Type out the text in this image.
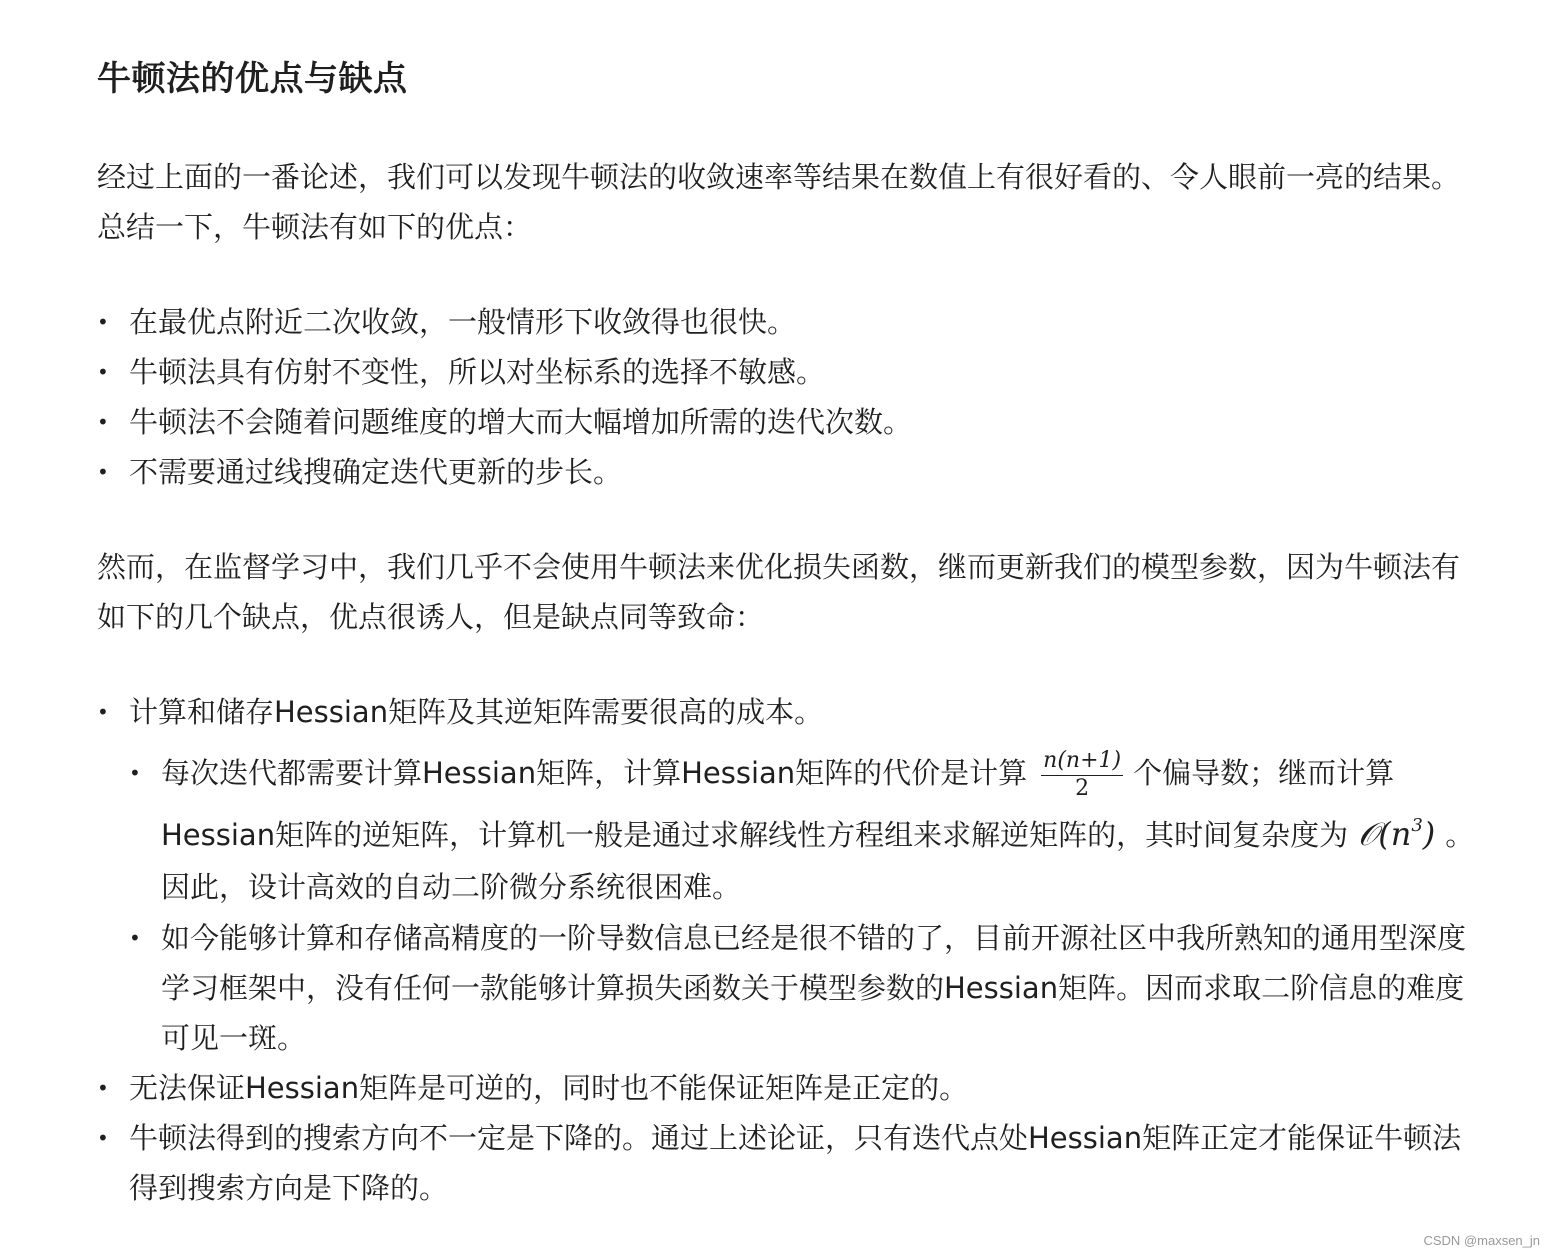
牛顿法的优点与缺点

经过上面的一番论述，我们可以发现牛顿法的收敛速率等结果在数值上有很好看的、令人眼前一亮的结果。总结一下，牛顿法有如下的优点：

• 在最优点附近二次收敛，一般情形下收敛得也很快。
• 牛顿法具有仿射不变性，所以对坐标系的选择不敏感。
• 牛顿法不会随着问题维度的增大而大幅增加所需的迭代次数。
• 不需要通过线搜确定迭代更新的步长。

然而，在监督学习中，我们几乎不会使用牛顿法来优化损失函数，继而更新我们的模型参数，因为牛顿法有如下的几个缺点，优点很诱人，但是缺点同等致命：

• 计算和储存Hessian矩阵及其逆矩阵需要很高的成本。
• 每次迭代都需要计算Hessian矩阵，计算Hessian矩阵的代价是计算 $\frac{n(n+1)}{2}$ 个偏导数；继而计算Hessian矩阵的逆矩阵，计算机一般是通过求解线性方程组来求解逆矩阵的，其时间复杂度为 $𝒪(n^3)$ 。因此，设计高效的自动二阶微分系统很困难。
• 如今能够计算和存储高精度的一阶导数信息已经是很不错的了，目前开源社区中我所熟知的通用型深度学习框架中，没有任何一款能够计算损失函数关于模型参数的Hessian矩阵。因而求取二阶信息的难度可见一斑。
• 无法保证Hessian矩阵是可逆的，同时也不能保证矩阵是正定的。
• 牛顿法得到的搜索方向不一定是下降的。通过上述论证，只有迭代点处Hessian矩阵正定才能保证牛顿法得到搜索方向是下降的。
CSDN @maxsen_jn
